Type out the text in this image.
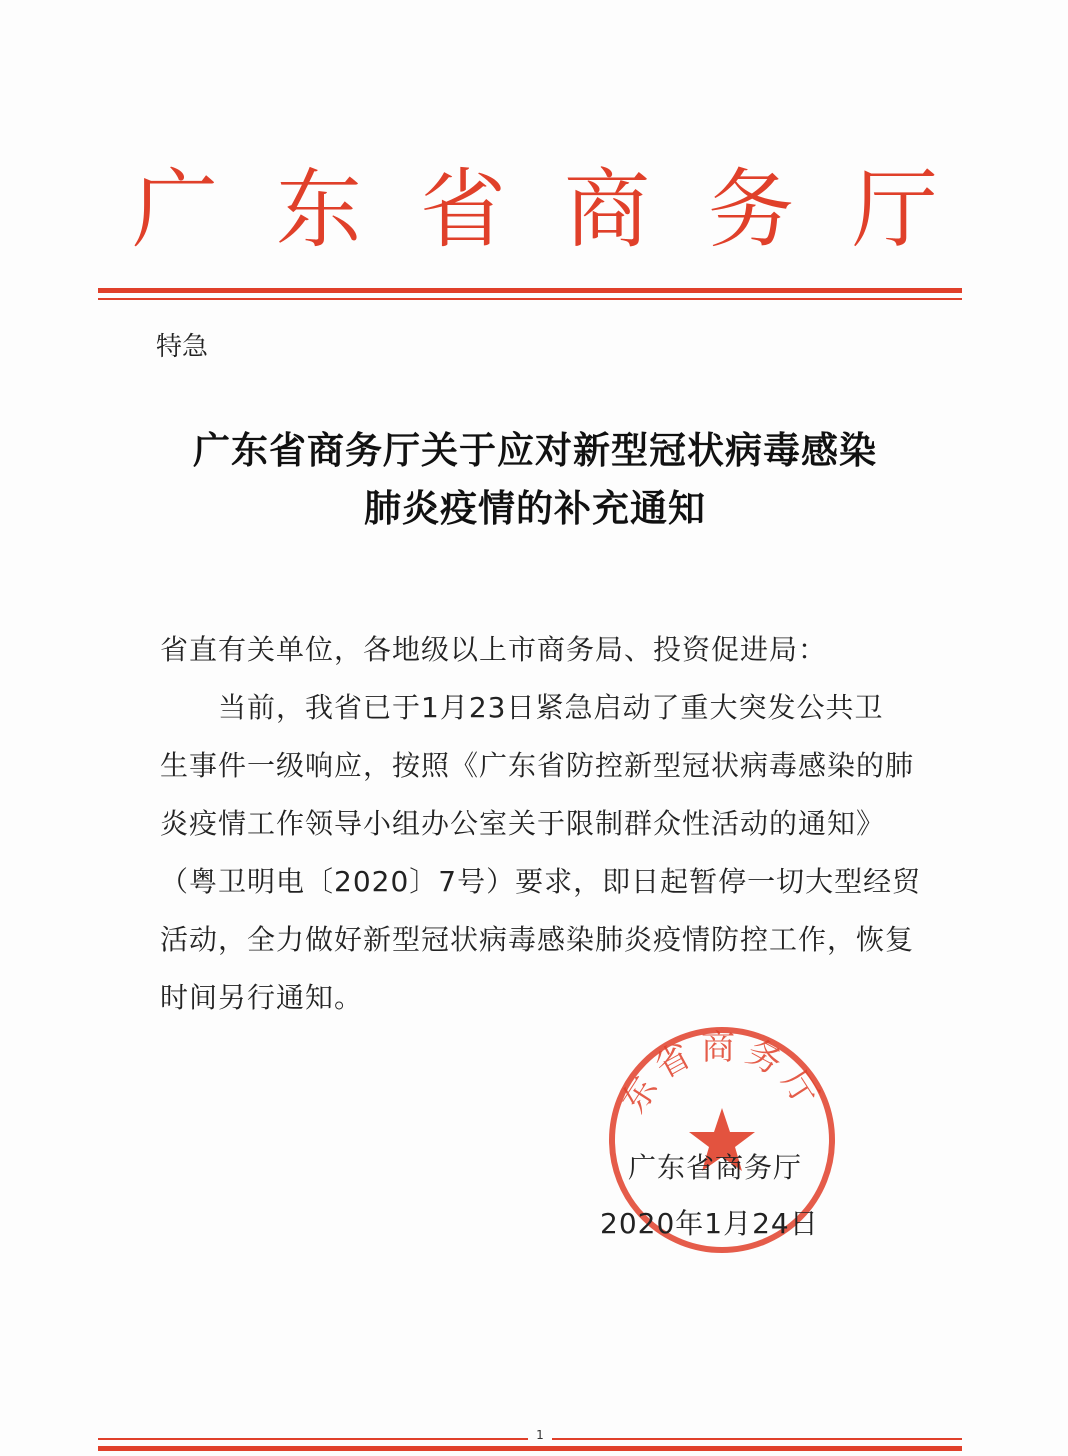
广 东 省 商 务 厅
特急
广东省商务厅关于应对新型冠状病毒感染
肺炎疫情的补充通知
省直有关单位，各地级以上市商务局、投资促进局：
当前，我省已于1月23日紧急启动了重大突发公共卫
生事件一级响应，按照《广东省防控新型冠状病毒感染的肺
炎疫情工作领导小组办公室关于限制群众性活动的通知》
（粤卫明电〔2020〕7号）要求，即日起暂停一切大型经贸
活动，全力做好新型冠状病毒感染肺炎疫情防控工作，恢复
时间另行通知。
东省商务厅
广东省商务厅
2020年1月24日
1
